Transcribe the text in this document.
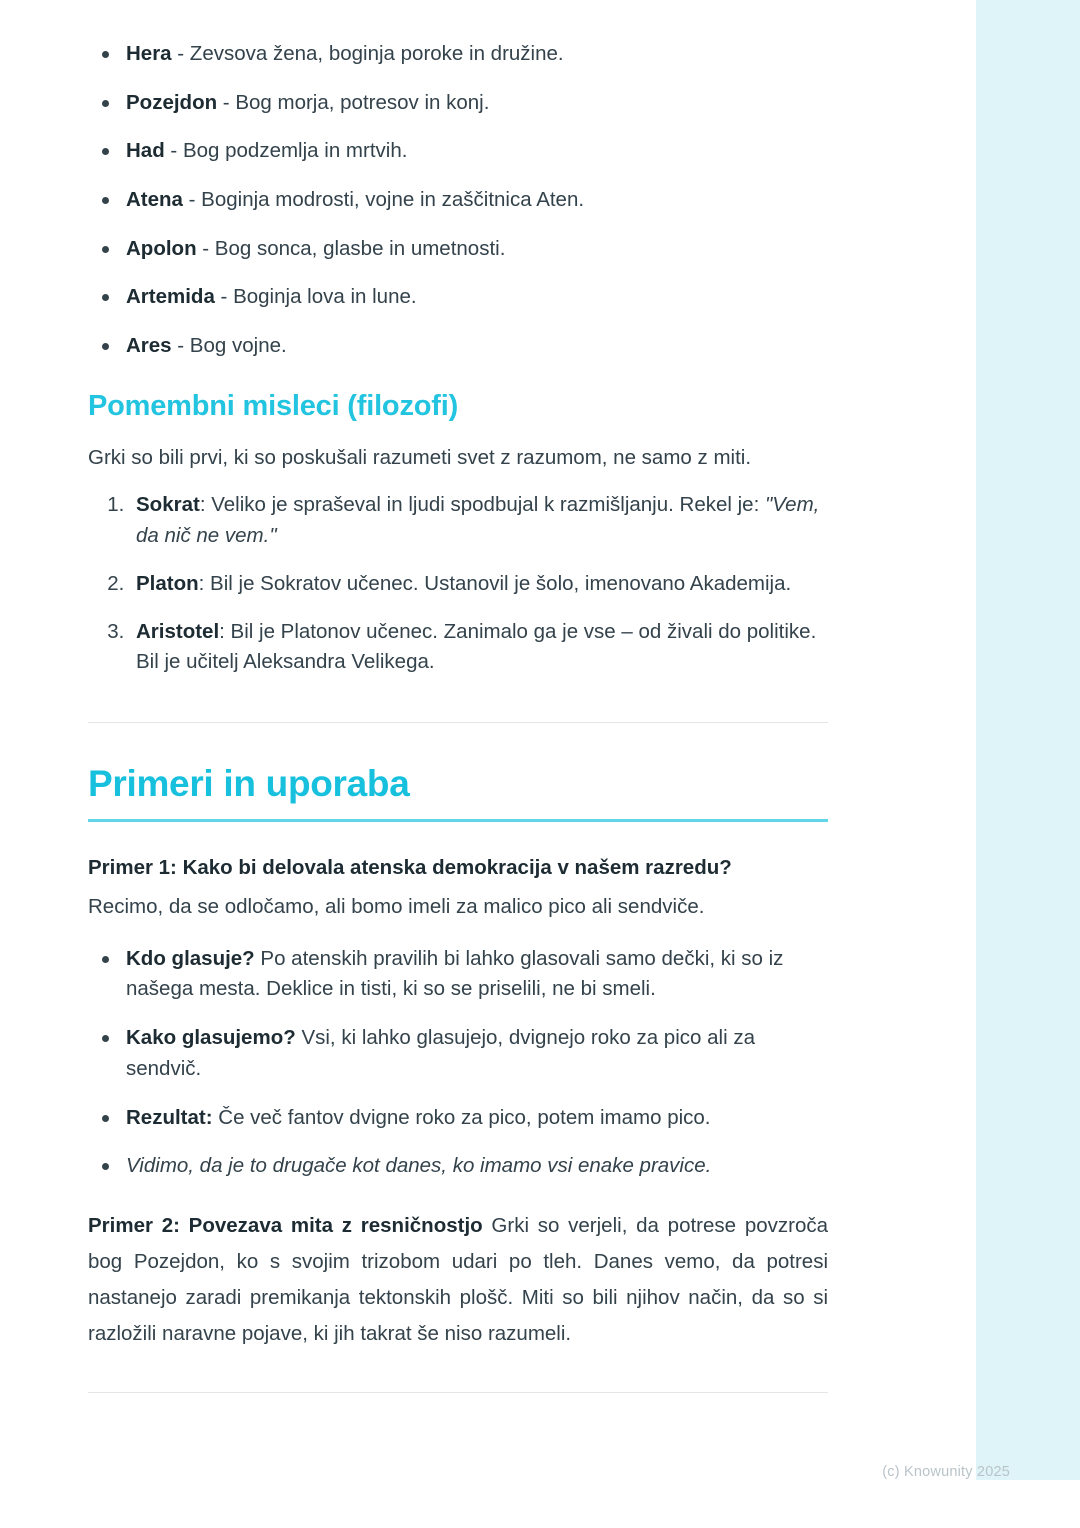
Hera - Zevsova žena, boginja poroke in družine.
Pozejdon - Bog morja, potresov in konj.
Had - Bog podzemlja in mrtvih.
Atena - Boginja modrosti, vojne in zaščitnica Aten.
Apolon - Bog sonca, glasbe in umetnosti.
Artemida - Boginja lova in lune.
Ares - Bog vojne.
Pomembni misleci (filozofi)

Grki so bili prvi, ki so poskušali razumeti svet z razumom, ne samo z miti.

1. Sokrat: Veliko je spraševal in ljudi spodbujal k razmišljanju. Rekel je: "Vem, da nič ne vem."
2. Platon: Bil je Sokratov učenec. Ustanovil je šolo, imenovano Akademija.
3. Aristotel: Bil je Platonov učenec. Zanimalo ga je vse – od živali do politike. Bil je učitelj Aleksandra Velikega.
Primeri in uporaba

Primer 1: Kako bi delovala atenska demokracija v našem razredu?

Recimo, da se odločamo, ali bomo imeli za malico pico ali sendviče.

Kdo glasuje? Po atenskih pravilih bi lahko glasovali samo dečki, ki so iz našega mesta. Deklice in tisti, ki so se priselili, ne bi smeli.
Kako glasujemo? Vsi, ki lahko glasujejo, dvignejo roko za pico ali za sendvič.
Rezultat: Če več fantov dvigne roko za pico, potem imamo pico.
Vidimo, da je to drugače kot danes, ko imamo vsi enake pravice.

Primer 2: Povezava mita z resničnostjo Grki so verjeli, da potrese povzroča bog Pozejdon, ko s svojim trizobom udari po tleh. Danes vemo, da potresi nastanejo zaradi premikanja tektonskih plošč. Miti so bili njihov način, da so si razložili naravne pojave, ki jih takrat še niso razumeli.

(c) Knowunity 2025
